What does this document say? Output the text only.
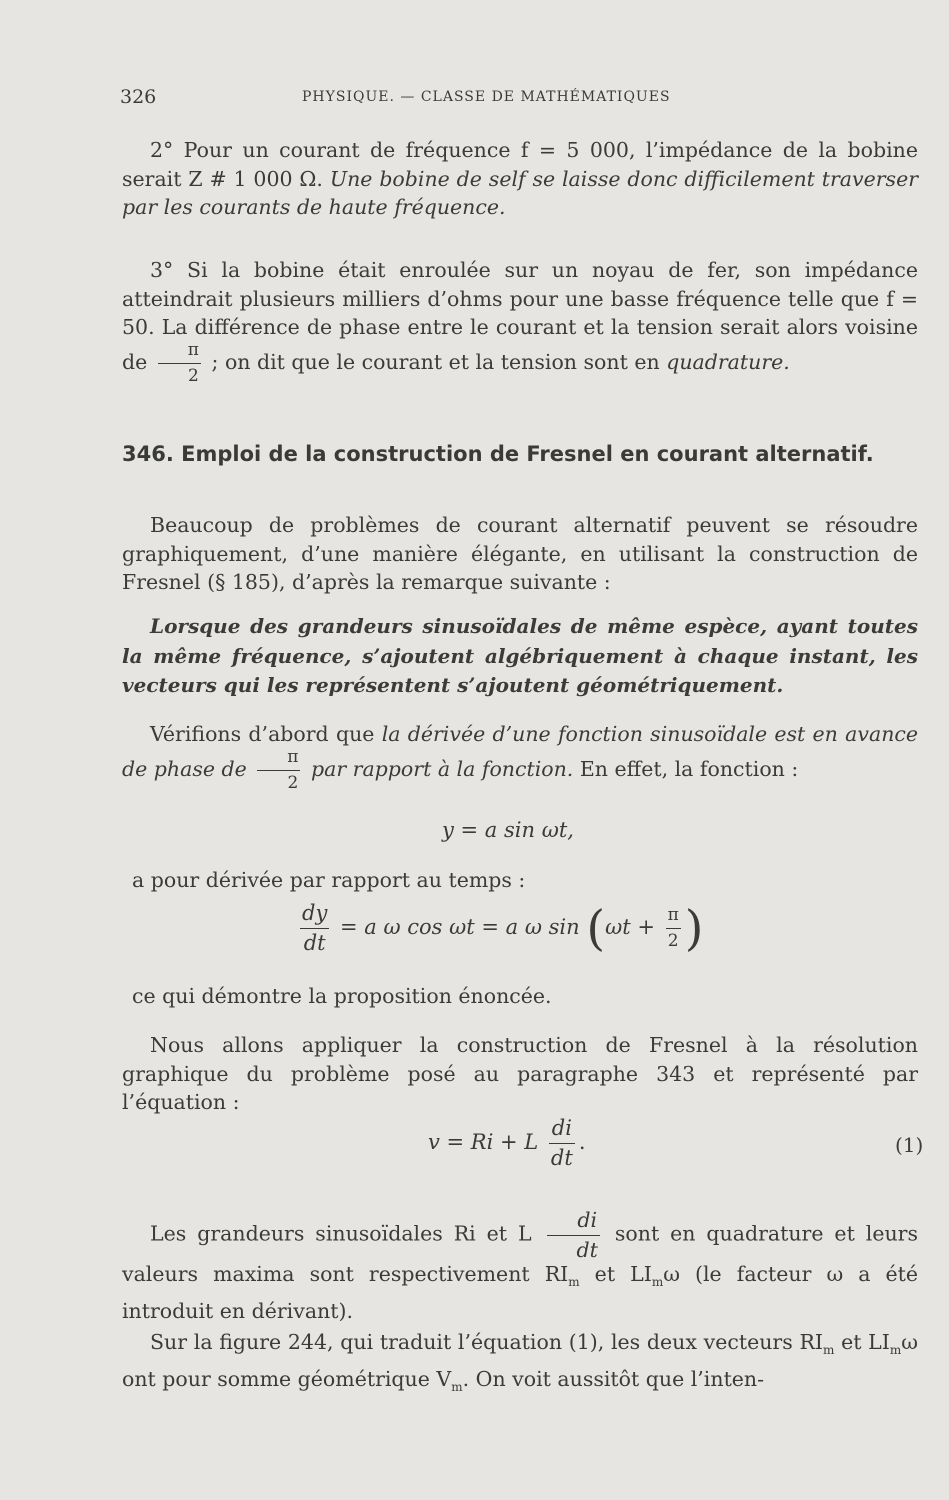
326	PHYSIQUE. — CLASSE DE MATHÉMATIQUES
2° Pour un courant de fréquence f = 5 000, l’impédance de la bobine serait Z # 1 000 Ω. Une bobine de self se laisse donc difficilement traverser par les courants de haute fréquence.
3° Si la bobine était enroulée sur un noyau de fer, son impédance atteindrait plusieurs milliers d’ohms pour une basse fréquence telle que f = 50. La différence de phase entre le courant et la tension serait alors voisine de $\frac{\pi}{2}$ ; on dit que le courant et la tension sont en quadrature.
346. Emploi de la construction de Fresnel en courant alternatif.
Beaucoup de problèmes de courant alternatif peuvent se résoudre graphiquement, d’une manière élégante, en utilisant la construction de Fresnel (§ 185), d’après la remarque suivante :
Lorsque des grandeurs sinusoïdales de même espèce, ayant toutes la même fréquence, s’ajoutent algébriquement à chaque instant, les vecteurs qui les représentent s’ajoutent géométriquement.
Vérifions d’abord que la dérivée d’une fonction sinusoïdale est en avance de phase de $\frac{\pi}{2}$ par rapport à la fonction. En effet, la fonction :
y = a sin ωt,
a pour dérivée par rapport au temps :
$\frac{dy}{dt} = a$ ω cos ωt = a ω $\sin (\omega t + \frac{\pi}{2}$ )
ce qui démontre la proposition énoncée.
Nous allons appliquer la construction de Fresnel à la résolution graphique du problème posé au paragraphe 343 et représenté par l’équation :
v = Ri + L $\frac{di}{dt}$ .	(1)
Les grandeurs sinusoïdales Ri et L $\frac{di}{dt}$ sont en quadrature et leurs valeurs maxima sont respectivement $RI_m$ et $LI_m\omega$ (le facteur ω a été introduit en dérivant).
Sur la figure 244, qui traduit l’équation (1), les deux vecteurs $RI_m$ et $LI_m\omega$ ont pour somme géométrique $V_m$. On voit aussitôt que l’inten-
